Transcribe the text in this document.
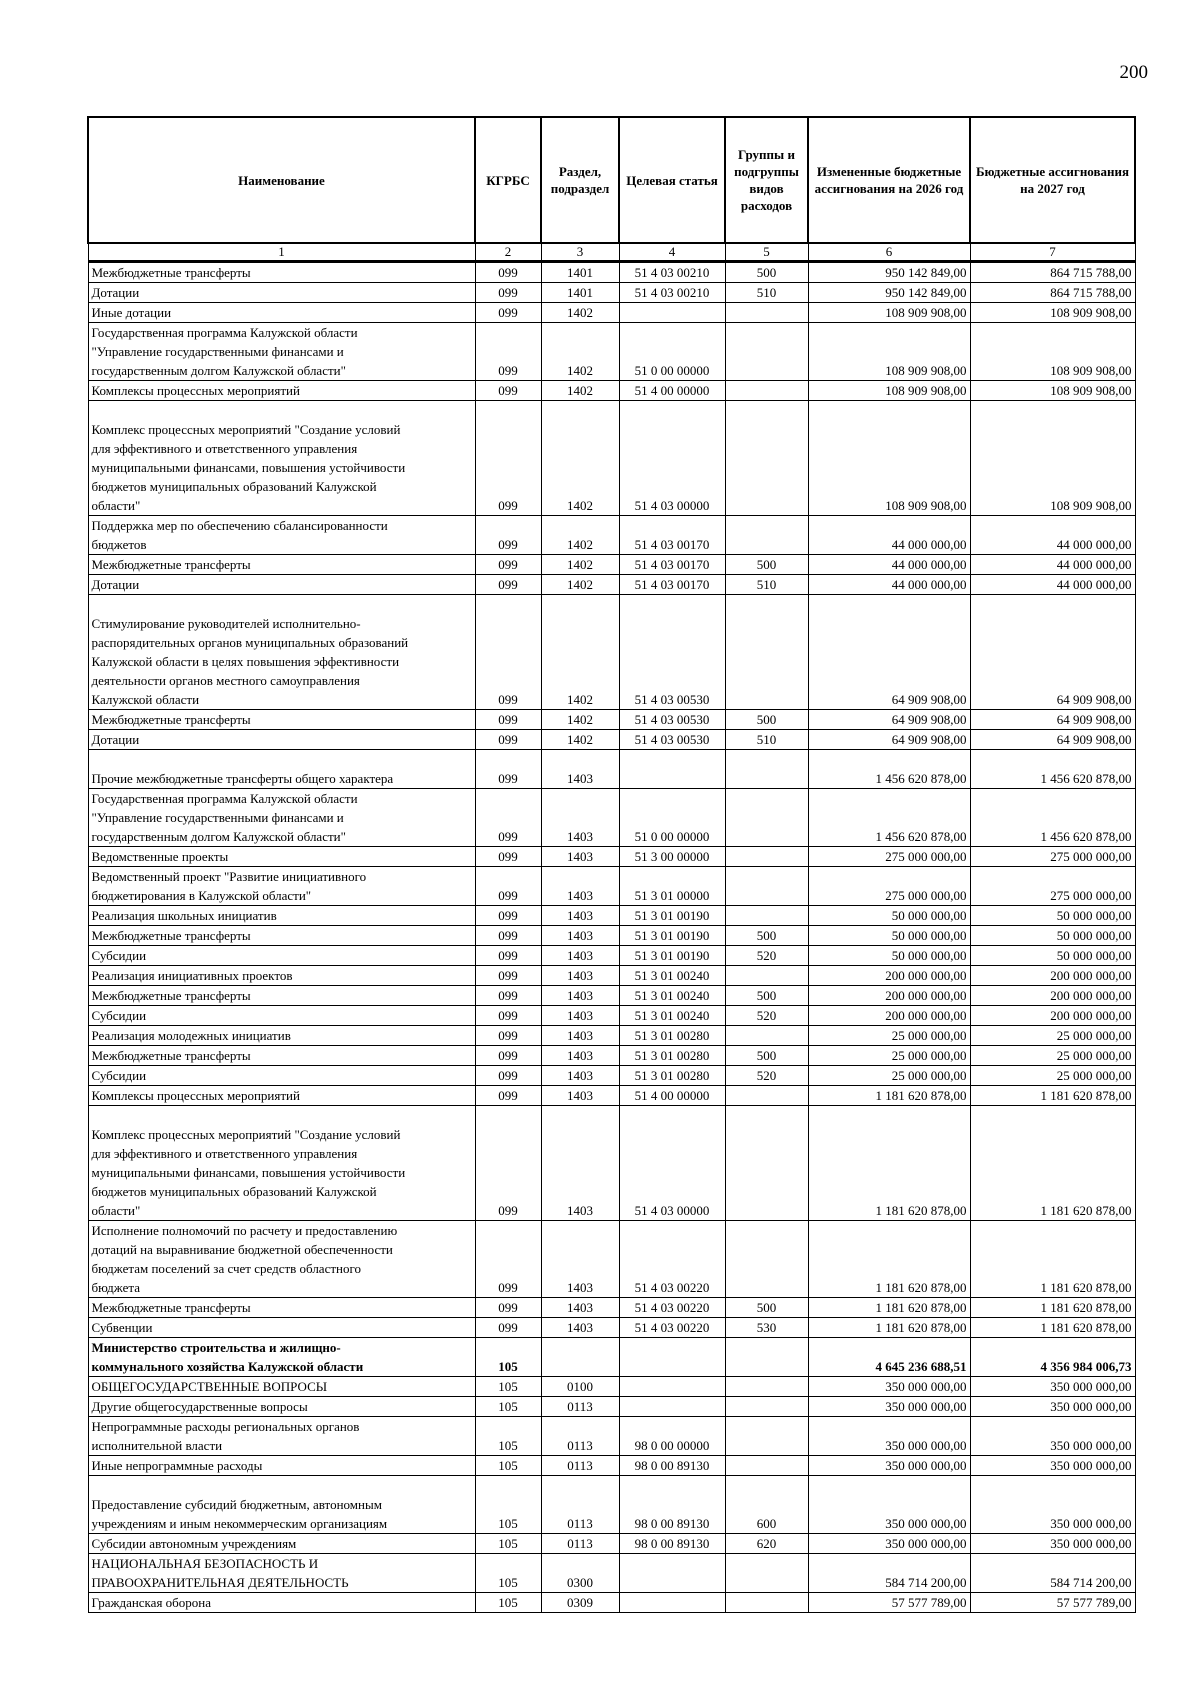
200
Наименование	КГРБС	Раздел, подраздел	Целевая статья	Группы и подгруппы видов расходов	Измененные бюджетные ассигнования на 2026 год	Бюджетные ассигнования на 2027 год
1	2	3	4	5	6	7
Межбюджетные трансферты	099	1401	51 4 03 00210	500	950 142 849,00	864 715 788,00
Дотации	099	1401	51 4 03 00210	510	950 142 849,00	864 715 788,00
Иные дотации	099	1402			108 909 908,00	108 909 908,00
Государственная программа Калужской области
"Управление государственными финансами и
государственным долгом Калужской области"	099	1402	51 0 00 00000		108 909 908,00	108 909 908,00
Комплексы процессных мероприятий	099	1402	51 4 00 00000		108 909 908,00	108 909 908,00

Комплекс процессных мероприятий "Создание условий
для эффективного и ответственного управления
муниципальными финансами, повышения устойчивости
бюджетов муниципальных образований Калужской
области"	099	1402	51 4 03 00000		108 909 908,00	108 909 908,00
Поддержка мер по обеспечению сбалансированности
бюджетов	099	1402	51 4 03 00170		44 000 000,00	44 000 000,00
Межбюджетные трансферты	099	1402	51 4 03 00170	500	44 000 000,00	44 000 000,00
Дотации	099	1402	51 4 03 00170	510	44 000 000,00	44 000 000,00

Стимулирование руководителей исполнительно-
распорядительных органов муниципальных образований
Калужской области в целях повышения эффективности
деятельности органов местного самоуправления
Калужской области	099	1402	51 4 03 00530		64 909 908,00	64 909 908,00
Межбюджетные трансферты	099	1402	51 4 03 00530	500	64 909 908,00	64 909 908,00
Дотации	099	1402	51 4 03 00530	510	64 909 908,00	64 909 908,00

Прочие межбюджетные трансферты общего характера	099	1403			1 456 620 878,00	1 456 620 878,00
Государственная программа Калужской области
"Управление государственными финансами и
государственным долгом Калужской области"	099	1403	51 0 00 00000		1 456 620 878,00	1 456 620 878,00
Ведомственные проекты	099	1403	51 3 00 00000		275 000 000,00	275 000 000,00
Ведомственный проект "Развитие инициативного
бюджетирования в Калужской области"	099	1403	51 3 01 00000		275 000 000,00	275 000 000,00
Реализация школьных инициатив	099	1403	51 3 01 00190		50 000 000,00	50 000 000,00
Межбюджетные трансферты	099	1403	51 3 01 00190	500	50 000 000,00	50 000 000,00
Субсидии	099	1403	51 3 01 00190	520	50 000 000,00	50 000 000,00
Реализация инициативных проектов	099	1403	51 3 01 00240		200 000 000,00	200 000 000,00
Межбюджетные трансферты	099	1403	51 3 01 00240	500	200 000 000,00	200 000 000,00
Субсидии	099	1403	51 3 01 00240	520	200 000 000,00	200 000 000,00
Реализация молодежных инициатив	099	1403	51 3 01 00280		25 000 000,00	25 000 000,00
Межбюджетные трансферты	099	1403	51 3 01 00280	500	25 000 000,00	25 000 000,00
Субсидии	099	1403	51 3 01 00280	520	25 000 000,00	25 000 000,00
Комплексы процессных мероприятий	099	1403	51 4 00 00000		1 181 620 878,00	1 181 620 878,00

Комплекс процессных мероприятий "Создание условий
для эффективного и ответственного управления
муниципальными финансами, повышения устойчивости
бюджетов муниципальных образований Калужской
области"	099	1403	51 4 03 00000		1 181 620 878,00	1 181 620 878,00
Исполнение полномочий по расчету и предоставлению
дотаций на выравнивание бюджетной обеспеченности
бюджетам поселений за счет средств областного
бюджета	099	1403	51 4 03 00220		1 181 620 878,00	1 181 620 878,00
Межбюджетные трансферты	099	1403	51 4 03 00220	500	1 181 620 878,00	1 181 620 878,00
Субвенции	099	1403	51 4 03 00220	530	1 181 620 878,00	1 181 620 878,00
Министерство строительства и жилищно-
коммунального хозяйства Калужской области	105				4 645 236 688,51	4 356 984 006,73
ОБЩЕГОСУДАРСТВЕННЫЕ ВОПРОСЫ	105	0100			350 000 000,00	350 000 000,00
Другие общегосударственные вопросы	105	0113			350 000 000,00	350 000 000,00
Непрограммные расходы региональных органов
исполнительной власти	105	0113	98 0 00 00000		350 000 000,00	350 000 000,00
Иные непрограммные расходы	105	0113	98 0 00 89130		350 000 000,00	350 000 000,00

Предоставление субсидий бюджетным, автономным
учреждениям и иным некоммерческим организациям	105	0113	98 0 00 89130	600	350 000 000,00	350 000 000,00
Субсидии автономным учреждениям	105	0113	98 0 00 89130	620	350 000 000,00	350 000 000,00
НАЦИОНАЛЬНАЯ БЕЗОПАСНОСТЬ И
ПРАВООХРАНИТЕЛЬНАЯ ДЕЯТЕЛЬНОСТЬ	105	0300			584 714 200,00	584 714 200,00
Гражданская оборона	105	0309			57 577 789,00	57 577 789,00
